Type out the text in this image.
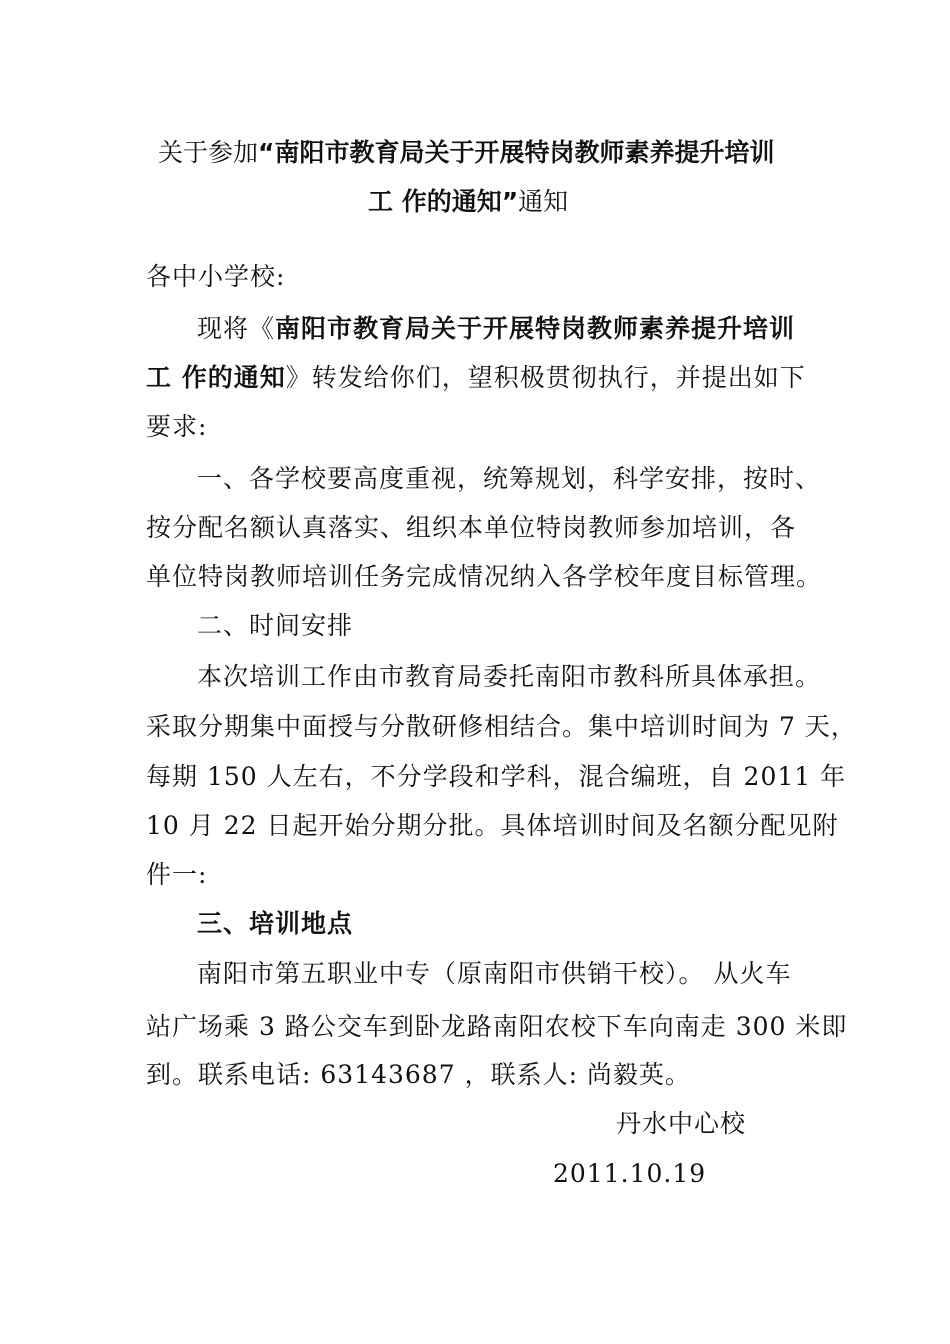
关于参加“南阳市教育局关于开展特岗教师素养提升培训
工 作的通知”通知
各中小学校:
现将《南阳市教育局关于开展特岗教师素养提升培训
工 作的通知》转发给你们，望积极贯彻执行，并提出如下
要求:
一、各学校要高度重视，统筹规划，科学安排，按时、
按分配名额认真落实、组织本单位特岗教师参加培训，各
单位特岗教师培训任务完成情况纳入各学校年度目标管理。
二、时间安排
本次培训工作由市教育局委托南阳市教科所具体承担。
采取分期集中面授与分散研修相结合。集中培训时间为 7 天，
每期 150 人左右，不分学段和学科，混合编班，自 2011 年
10 月 22 日起开始分期分批。具体培训时间及名额分配见附
件一:
三、培训地点
南阳市第五职业中专（原南阳市供销干校）。 从火车
站广场乘 3 路公交车到卧龙路南阳农校下车向南走 300 米即
到。联系电话: 63143687 ，联系人: 尚毅英。
丹水中心校
2011.10.19
